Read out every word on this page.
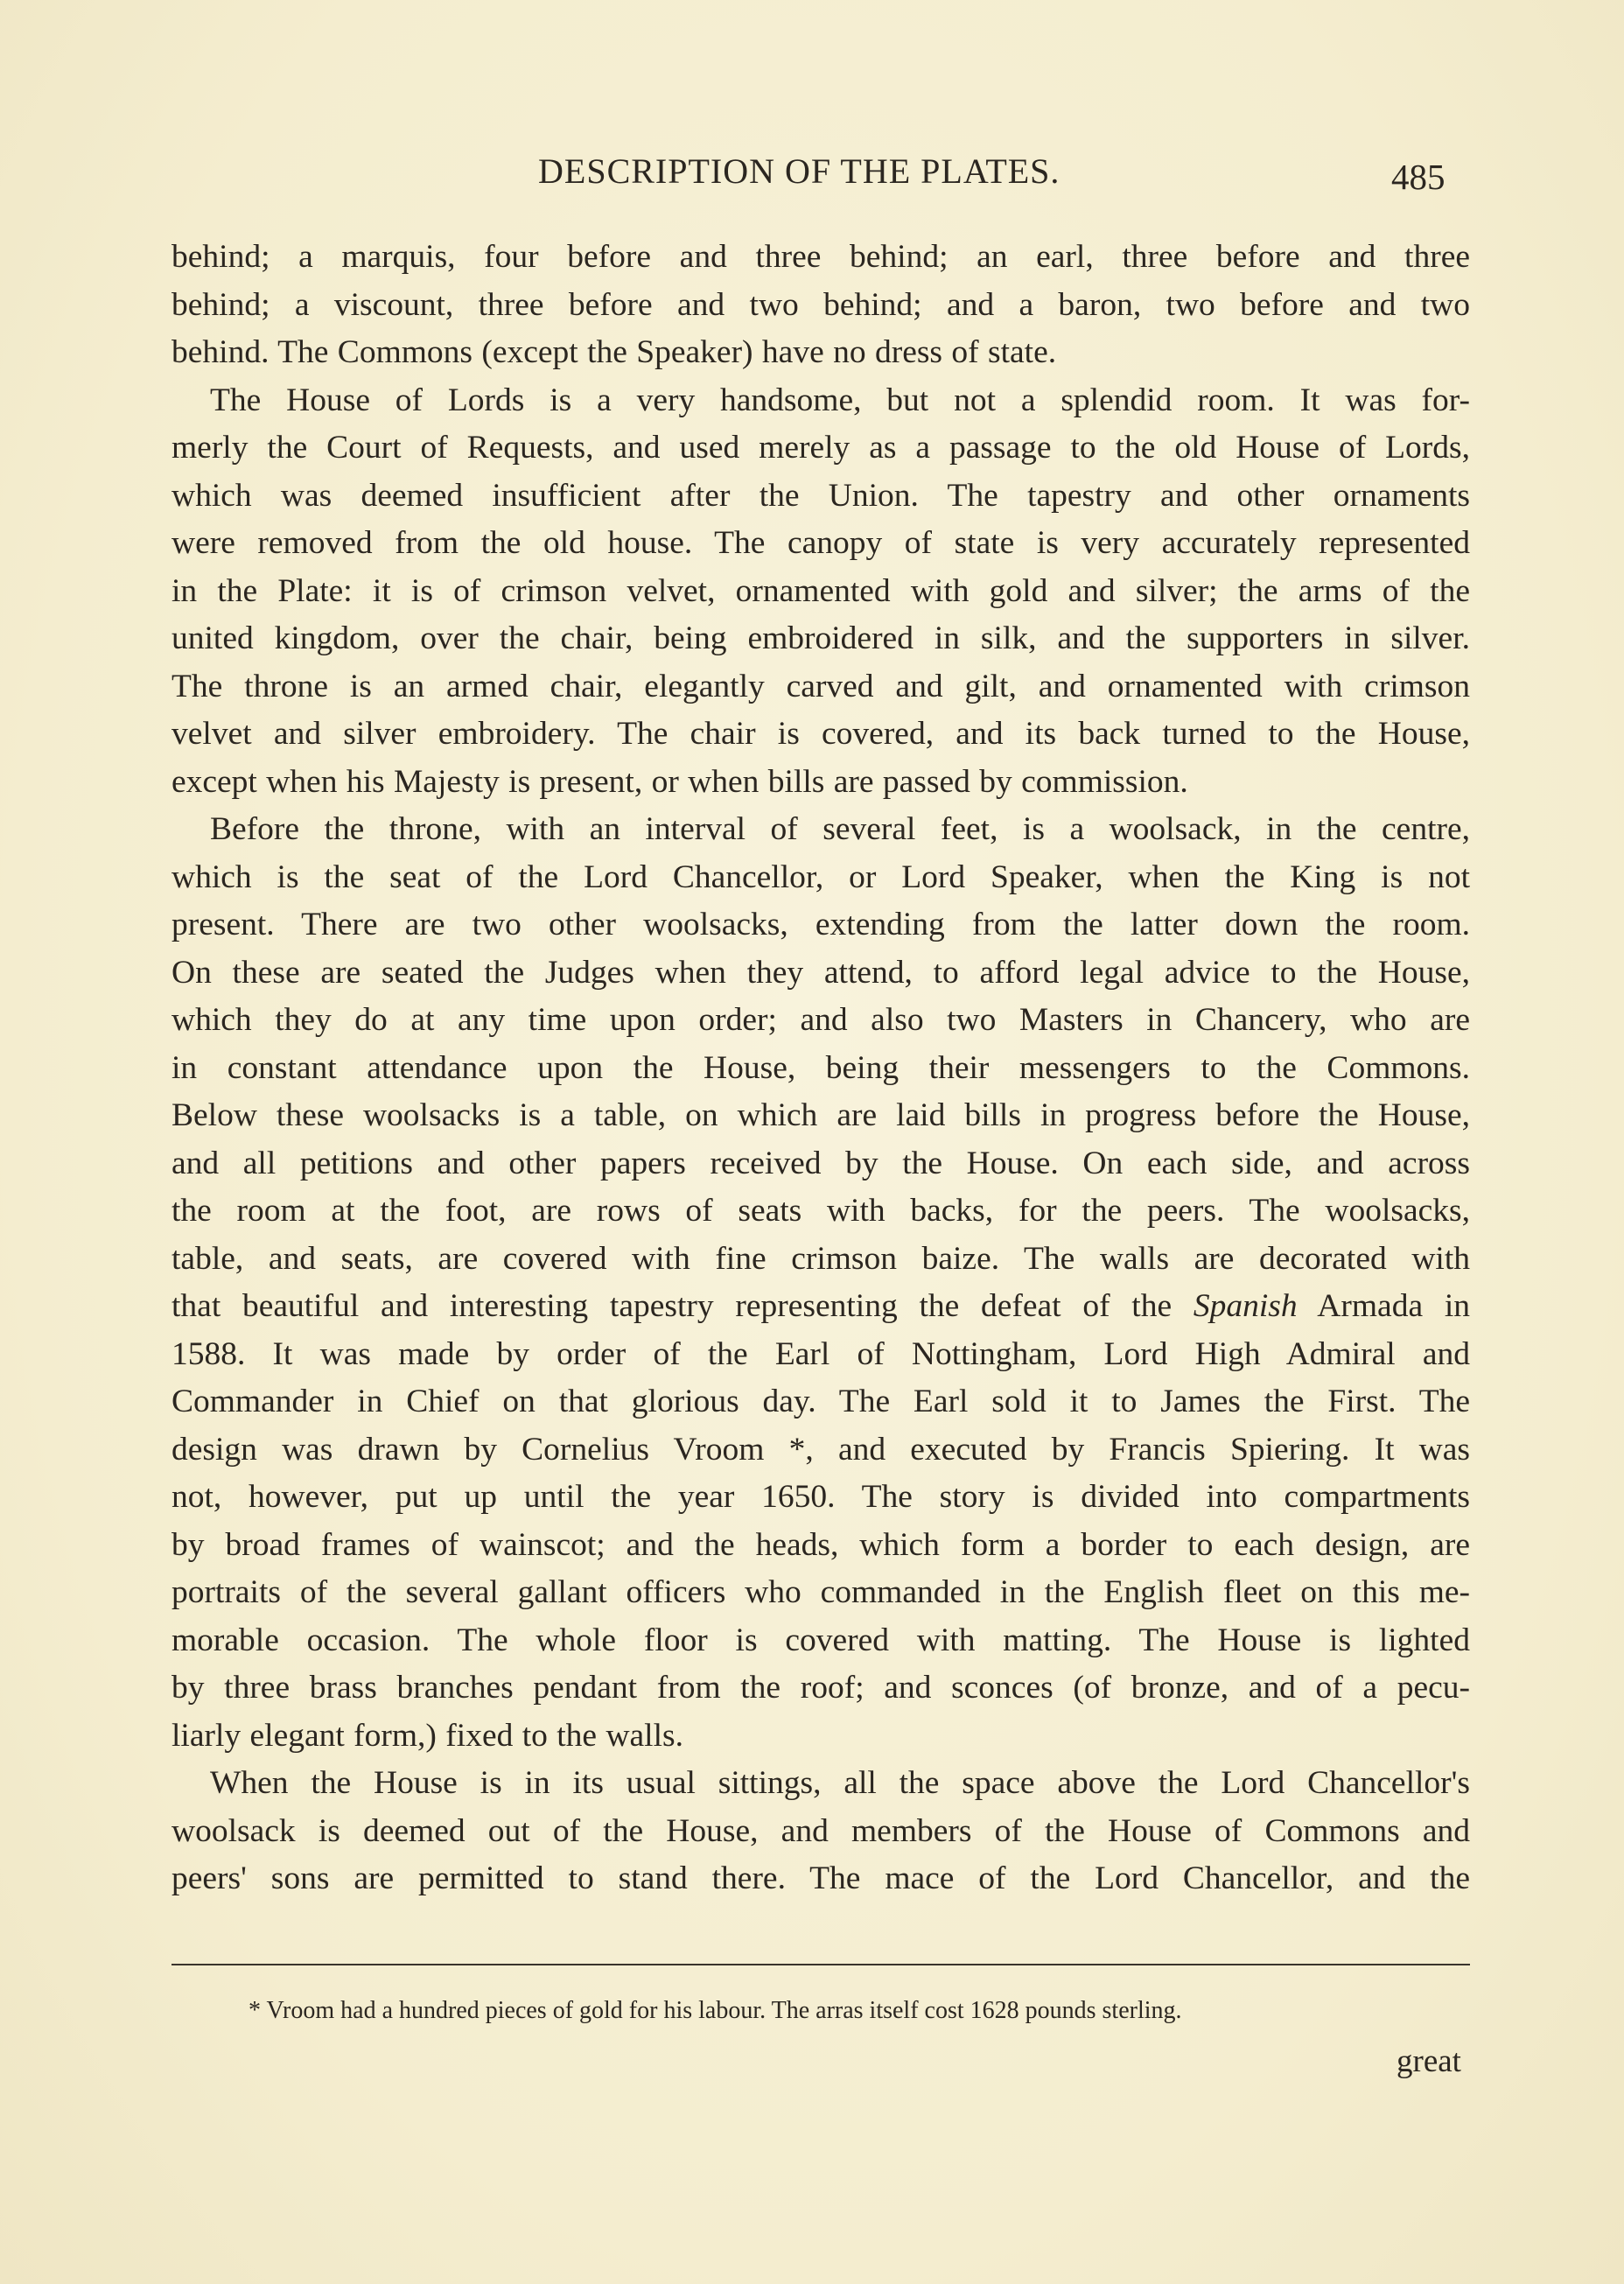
DESCRIPTION OF THE PLATES.	485
behind; a marquis, four before and three behind; an earl, three before and three
behind; a viscount, three before and two behind; and a baron, two before and two
behind. The Commons (except the Speaker) have no dress of state.
The House of Lords is a very handsome, but not a splendid room. It was for-
merly the Court of Requests, and used merely as a passage to the old House of Lords,
which was deemed insufficient after the Union. The tapestry and other ornaments
were removed from the old house. The canopy of state is very accurately represented
in the Plate: it is of crimson velvet, ornamented with gold and silver; the arms of the
united kingdom, over the chair, being embroidered in silk, and the supporters in silver.
The throne is an armed chair, elegantly carved and gilt, and ornamented with crimson
velvet and silver embroidery. The chair is covered, and its back turned to the House,
except when his Majesty is present, or when bills are passed by commission.
Before the throne, with an interval of several feet, is a woolsack, in the centre,
which is the seat of the Lord Chancellor, or Lord Speaker, when the King is not
present. There are two other woolsacks, extending from the latter down the room.
On these are seated the Judges when they attend, to afford legal advice to the House,
which they do at any time upon order; and also two Masters in Chancery, who are
in constant attendance upon the House, being their messengers to the Commons.
Below these woolsacks is a table, on which are laid bills in progress before the House,
and all petitions and other papers received by the House. On each side, and across
the room at the foot, are rows of seats with backs, for the peers. The woolsacks,
table, and seats, are covered with fine crimson baize. The walls are decorated with
that beautiful and interesting tapestry representing the defeat of the Spanish Armada in
1588. It was made by order of the Earl of Nottingham, Lord High Admiral and
Commander in Chief on that glorious day. The Earl sold it to James the First. The
design was drawn by Cornelius Vroom *, and executed by Francis Spiering. It was
not, however, put up until the year 1650. The story is divided into compartments
by broad frames of wainscot; and the heads, which form a border to each design, are
portraits of the several gallant officers who commanded in the English fleet on this me-
morable occasion. The whole floor is covered with matting. The House is lighted
by three brass branches pendant from the roof; and sconces (of bronze, and of a pecu-
liarly elegant form,) fixed to the walls.
When the House is in its usual sittings, all the space above the Lord Chancellor's
woolsack is deemed out of the House, and members of the House of Commons and
peers' sons are permitted to stand there. The mace of the Lord Chancellor, and the
* Vroom had a hundred pieces of gold for his labour. The arras itself cost 1628 pounds sterling.
great
